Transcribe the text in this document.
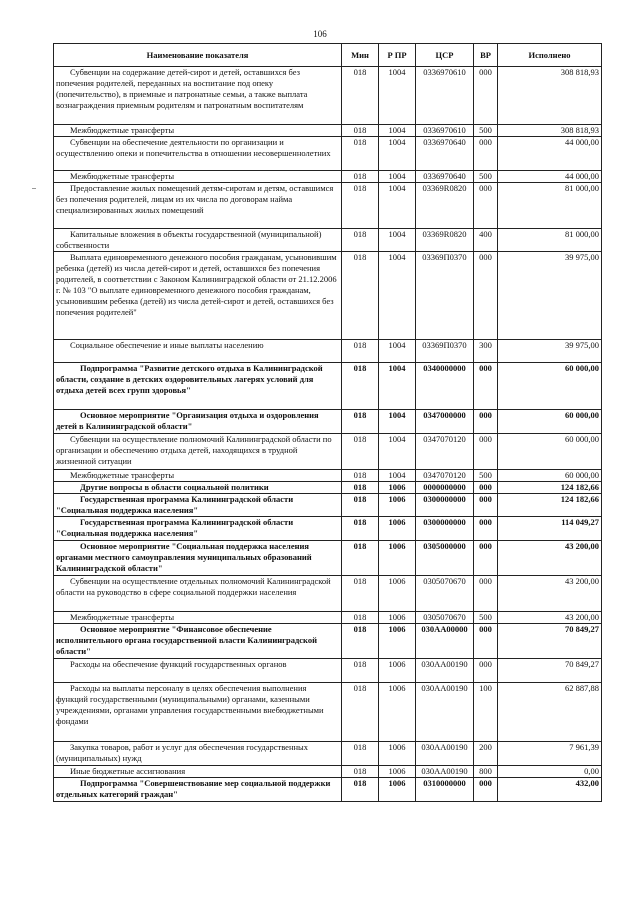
106
Наименование показателя	Мин	Р ПР	ЦСР	ВР	Исполнено
Субвенции на содержание детей-сирот и детей, оставшихся без попечения родителей, переданных на воспитание под опеку (попечительство), в приемные и патронатные семьи, а также выплата вознаграждения приемным родителям и патронатным воспитателям	018	1004	0336970610	000	308 818,93
Межбюджетные трансферты	018	1004	0336970610	500	308 818,93
Субвенции на обеспечение деятельности по организации и осуществлению опеки и попечительства в отношении несовершеннолетних	018	1004	0336970640	000	44 000,00
Межбюджетные трансферты	018	1004	0336970640	500	44 000,00
Предоставление жилых помещений детям-сиротам и детям, оставшимся без попечения родителей, лицам из их числа по договорам найма специализированных жилых помещений	018	1004	03369R0820	000	81 000,00
Капитальные вложения в объекты государственной (муниципальной) собственности	018	1004	03369R0820	400	81 000,00
Выплата единовременного денежного пособия гражданам, усыновившим ребенка (детей) из числа детей-сирот и детей, оставшихся без попечения родителей, в соответствии с Законом Калининградской области от 21.12.2006 г. № 103 "О выплате единовременного денежного пособия гражданам, усыновившим ребенка (детей) из числа детей-сирот и детей, оставшихся без попечения родителей"	018	1004	03369П0370	000	39 975,00
Социальное обеспечение и иные выплаты населению	018	1004	03369П0370	300	39 975,00
Подпрограмма "Развитие детского отдыха в Калининградской области, создание в детских оздоровительных лагерях условий для отдыха детей всех групп здоровья"	018	1004	0340000000	000	60 000,00
Основное мероприятие "Организация отдыха и оздоровления детей в Калининградской области"	018	1004	0347000000	000	60 000,00
Субвенции на осуществление полномочий Калининградской области по организации и обеспечению отдыха детей, находящихся в трудной жизненной ситуации	018	1004	0347070120	000	60 000,00
Межбюджетные трансферты	018	1004	0347070120	500	60 000,00
Другие вопросы в области социальной политики	018	1006	0000000000	000	124 182,66
Государственная программа Калининградской области "Социальная поддержка населения"	018	1006	0300000000	000	124 182,66
Государственная программа Калининградской области "Социальная поддержка населения"	018	1006	0300000000	000	114 049,27
Основное мероприятие "Социальная поддержка населения органами местного самоуправления муниципальных образований Калининградской области"	018	1006	0305000000	000	43 200,00
Субвенции на осуществление отдельных полномочий Калининградской области на руководство в сфере социальной поддержки населения	018	1006	0305070670	000	43 200,00
Межбюджетные трансферты	018	1006	0305070670	500	43 200,00
Основное мероприятие "Финансовое обеспечение исполнительного органа государственной власти Калининградской области"	018	1006	030AA00000	000	70 849,27
Расходы на обеспечение функций государственных органов	018	1006	030AA00190	000	70 849,27
Расходы на выплаты персоналу в целях обеспечения выполнения функций государственными (муниципальными) органами, казенными учреждениями, органами управления государственными внебюджетными фондами	018	1006	030AA00190	100	62 887,88
Закупка товаров, работ и услуг для обеспечения государственных (муниципальных) нужд	018	1006	030AA00190	200	7 961,39
Иные бюджетные ассигнования	018	1006	030AA00190	800	0,00
Подпрограмма "Совершенствование мер социальной поддержки отдельных категорий граждан"	018	1006	0310000000	000	432,00
